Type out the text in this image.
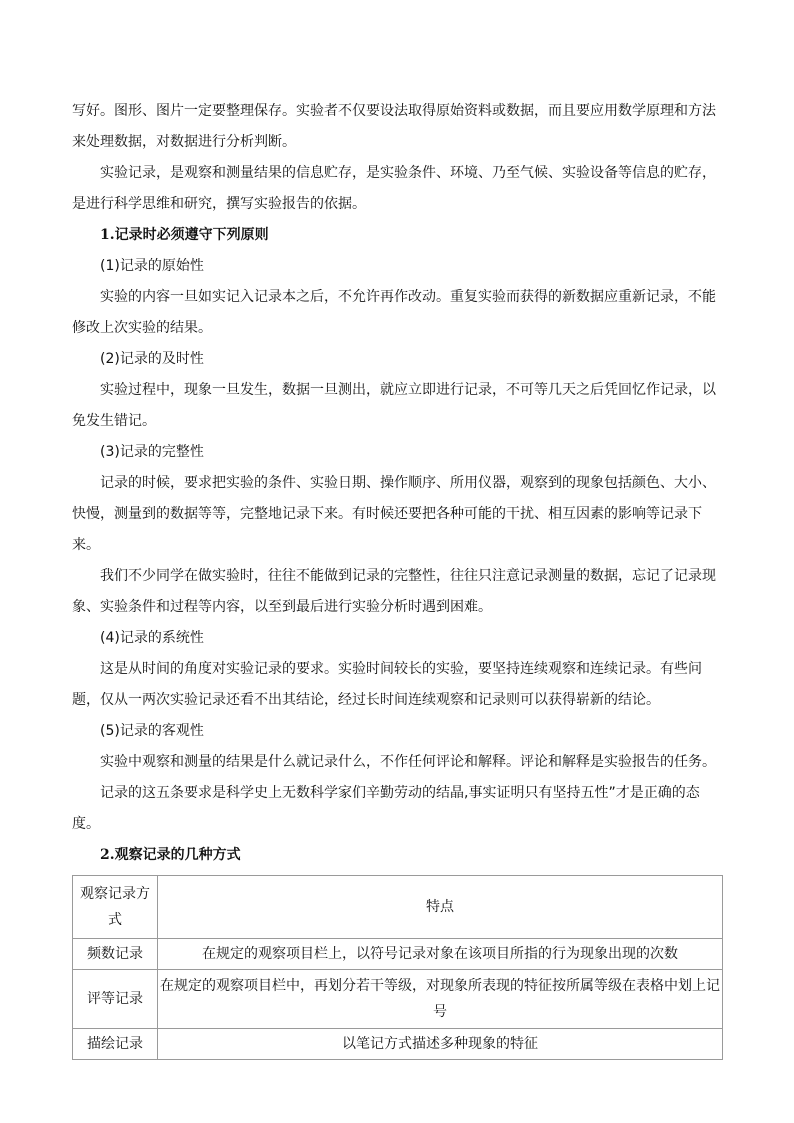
写好。图形、图片一定要整理保存。实验者不仅要设法取得原始资料或数据，而且要应用数学原理和方法来处理数据，对数据进行分析判断。

实验记录，是观察和测量结果的信息贮存，是实验条件、环境、乃至气候、实验设备等信息的贮存，是进行科学思维和研究，撰写实验报告的依据。

1.记录时必须遵守下列原则

(1)记录的原始性

实验的内容一旦如实记入记录本之后，不允许再作改动。重复实验而获得的新数据应重新记录，不能修改上次实验的结果。

(2)记录的及时性

实验过程中，现象一旦发生，数据一旦测出，就应立即进行记录，不可等几天之后凭回忆作记录，以免发生错记。

(3)记录的完整性

记录的时候，要求把实验的条件、实验日期、操作顺序、所用仪器，观察到的现象包括颜色、大小、快慢，测量到的数据等等，完整地记录下来。有时候还要把各种可能的干扰、相互因素的影响等记录下来。

我们不少同学在做实验时，往往不能做到记录的完整性，往往只注意记录测量的数据，忘记了记录现象、实验条件和过程等内容，以至到最后进行实验分析时遇到困难。

(4)记录的系统性

这是从时间的角度对实验记录的要求。实验时间较长的实验，要坚持连续观察和连续记录。有些问题，仅从一两次实验记录还看不出其结论，经过长时间连续观察和记录则可以获得崭新的结论。

(5)记录的客观性

实验中观察和测量的结果是什么就记录什么，不作任何评论和解释。评论和解释是实验报告的任务。

记录的这五条要求是科学史上无数科学家们辛勤劳动的结晶,事实证明只有坚持五性”才是正确的态度。

2.观察记录的几种方式

观察记录方式	特点
频数记录	在规定的观察项目栏上，以符号记录对象在该项目所指的行为现象出现的次数
评等记录	在规定的观察项目栏中，再划分若干等级，对现象所表现的特征按所属等级在表格中划上记号
描绘记录	以笔记方式描述多种现象的特征
